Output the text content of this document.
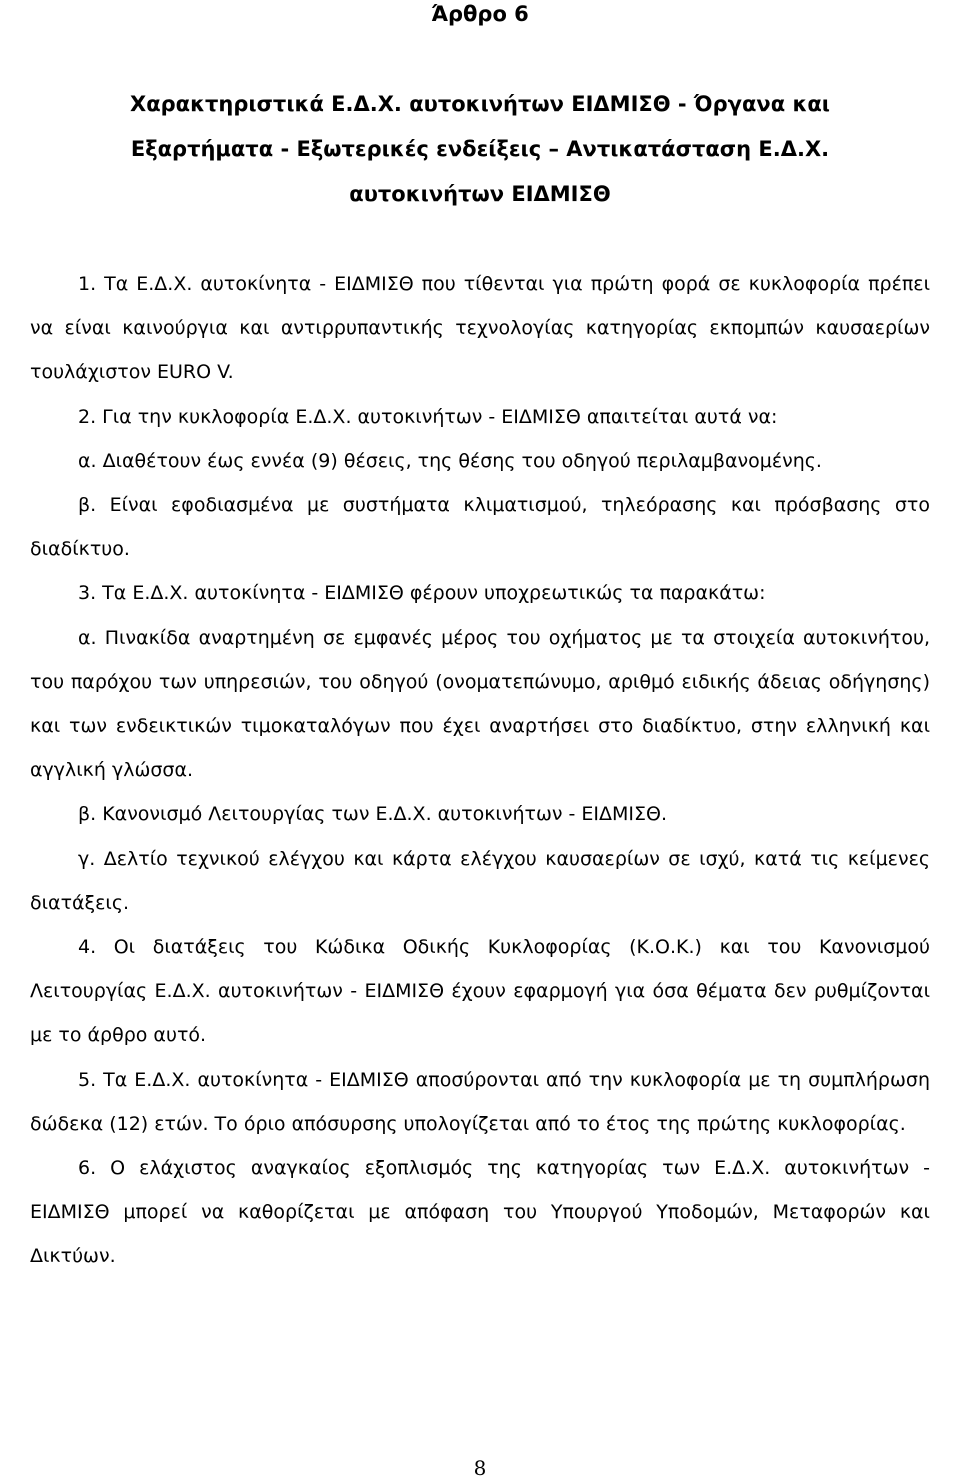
Άρθρο 6
Χαρακτηριστικά Ε.Δ.Χ. αυτοκινήτων ΕΙΔΜΙΣΘ - Όργανα και Εξαρτήματα - Εξωτερικές ενδείξεις – Αντικατάσταση Ε.Δ.Χ. αυτοκινήτων ΕΙΔΜΙΣΘ

1. Τα Ε.Δ.Χ. αυτοκίνητα - ΕΙΔΜΙΣΘ που τίθενται για πρώτη φορά σε κυκλοφορία πρέπει να είναι καινούργια και αντιρρυπαντικής τεχνολογίας κατηγορίας εκπομπών καυσαερίων τουλάχιστον EURO V.

2. Για την κυκλοφορία Ε.Δ.Χ. αυτοκινήτων - ΕΙΔΜΙΣΘ απαιτείται αυτά να:

α. Διαθέτουν έως εννέα (9) θέσεις, της θέσης του οδηγού περιλαμβανομένης.

β. Είναι εφοδιασμένα με συστήματα κλιματισμού, τηλεόρασης και πρόσβασης στο διαδίκτυο.

3. Τα Ε.Δ.Χ. αυτοκίνητα - ΕΙΔΜΙΣΘ φέρουν υποχρεωτικώς τα παρακάτω:

α. Πινακίδα αναρτημένη σε εμφανές μέρος του οχήματος με τα στοιχεία αυτοκινήτου, του παρόχου των υπηρεσιών, του οδηγού (ονοματεπώνυμο, αριθμό ειδικής άδειας οδήγησης) και των ενδεικτικών τιμοκαταλόγων που έχει αναρτήσει στο διαδίκτυο, στην ελληνική και αγγλική γλώσσα.

β. Κανονισμό Λειτουργίας των Ε.Δ.Χ. αυτοκινήτων - ΕΙΔΜΙΣΘ.

γ. Δελτίο τεχνικού ελέγχου και κάρτα ελέγχου καυσαερίων σε ισχύ, κατά τις κείμενες διατάξεις.

4. Οι διατάξεις του Κώδικα Οδικής Κυκλοφορίας (Κ.Ο.Κ.) και του Κανονισμού Λειτουργίας Ε.Δ.Χ. αυτοκινήτων - ΕΙΔΜΙΣΘ έχουν εφαρμογή για όσα θέματα δεν ρυθμίζονται με το άρθρο αυτό.

5. Τα Ε.Δ.Χ. αυτοκίνητα - ΕΙΔΜΙΣΘ αποσύρονται από την κυκλοφορία με τη συμπλήρωση δώδεκα (12) ετών. Το όριο απόσυρσης υπολογίζεται από το έτος της πρώτης κυκλοφορίας.

6. Ο ελάχιστος αναγκαίος εξοπλισμός της κατηγορίας των Ε.Δ.Χ. αυτοκινήτων - ΕΙΔΜΙΣΘ μπορεί να καθορίζεται με απόφαση του Υπουργού Υποδομών, Μεταφορών και Δικτύων.

8
